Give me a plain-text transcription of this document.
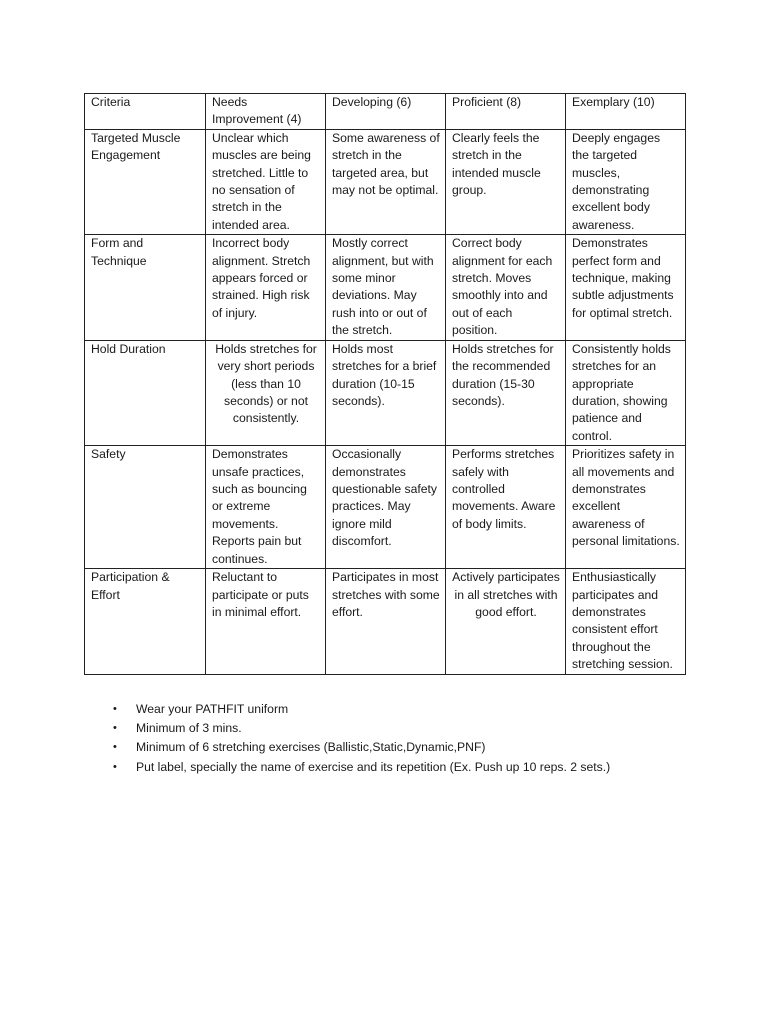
Criteria	Needs Improvement (4)	Developing (6)	Proficient (8)	Exemplary (10)
Targeted Muscle Engagement	Unclear which muscles are being stretched. Little to no sensation of stretch in the intended area.	Some awareness of stretch in the targeted area, but may not be optimal.	Clearly feels the stretch in the intended muscle group.	Deeply engages the targeted muscles, demonstrating excellent body awareness.
Form and Technique	Incorrect body alignment. Stretch appears forced or strained. High risk of injury.	Mostly correct alignment, but with some minor deviations. May rush into or out of the stretch.	Correct body alignment for each stretch. Moves smoothly into and out of each position.	Demonstrates perfect form and technique, making subtle adjustments for optimal stretch.
Hold Duration	Holds stretches for very short periods (less than 10 seconds) or not consistently.	Holds most stretches for a brief duration (10-15 seconds).	Holds stretches for the recommended duration (15-30 seconds).	Consistently holds stretches for an appropriate duration, showing patience and control.
Safety	Demonstrates unsafe practices, such as bouncing or extreme movements. Reports pain but continues.	Occasionally demonstrates questionable safety practices. May ignore mild discomfort.	Performs stretches safely with controlled movements. Aware of body limits.	Prioritizes safety in all movements and demonstrates excellent awareness of personal limitations.
Participation & Effort	Reluctant to participate or puts in minimal effort.	Participates in most stretches with some effort.	Actively participates in all stretches with good effort.	Enthusiastically participates and demonstrates consistent effort throughout the stretching session.
• Wear your PATHFIT uniform
• Minimum of 3 mins.
• Minimum of 6 stretching exercises (Ballistic,Static,Dynamic,PNF)
• Put label, specially the name of exercise and its repetition (Ex. Push up 10 reps. 2 sets.)
